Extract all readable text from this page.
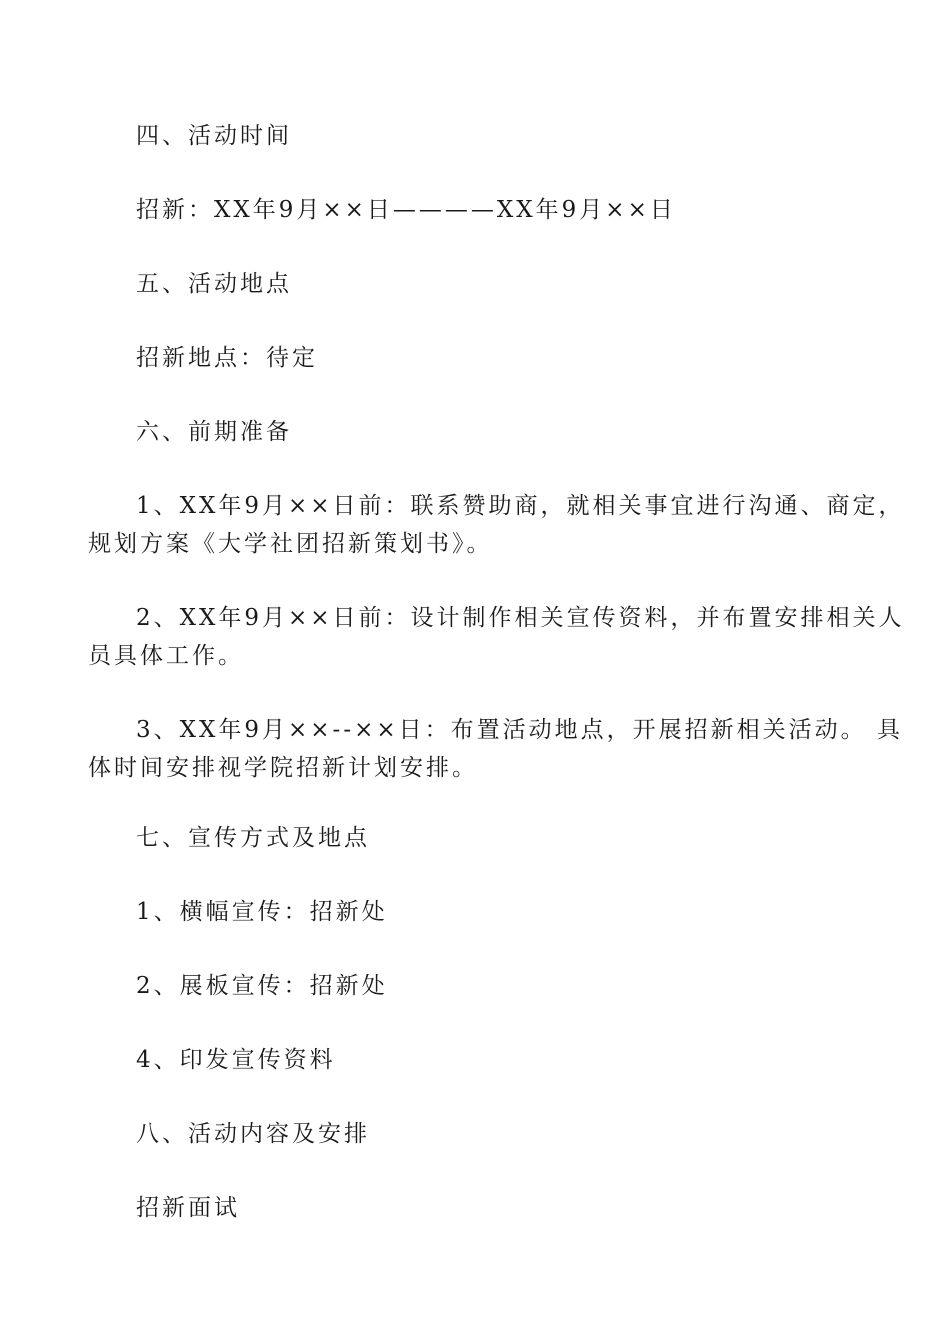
四、活动时间
招新：XX年9月××日————XX年9月××日
五、活动地点
招新地点：待定
六、前期准备
1、XX年9月××日前：联系赞助商，就相关事宜进行沟通、商定，
规划方案《大学社团招新策划书》。
2、XX年9月××日前：设计制作相关宣传资料，并布置安排相关人
员具体工作。
3、XX年9月××--××日：布置活动地点，开展招新相关活动。 具
体时间安排视学院招新计划安排。
七、宣传方式及地点
1、横幅宣传：招新处
2、展板宣传：招新处
4、印发宣传资料
八、活动内容及安排
招新面试
